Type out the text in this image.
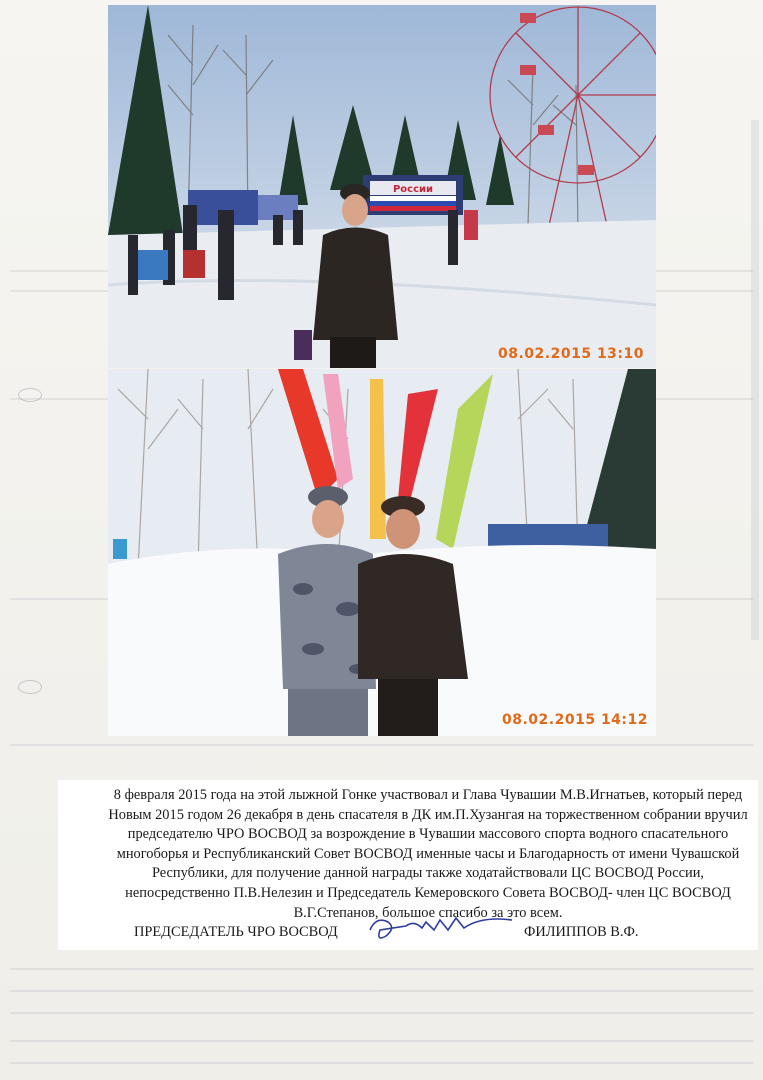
России
08.02.2015 13:10
08.02.2015 14:12
8 февраля 2015 года на этой лыжной Гонке участвовал и Глава Чувашии М.В.Игнатьев, который перед Новым 2015 годом 26 декабря в день спасателя в ДК им.П.Хузангая на торжественном собрании вручил председателю ЧРО ВОСВОД за возрождение в Чувашии массового спорта водного спасательного многоборья и Республиканский Совет ВОСВОД именные часы и Благодарность от имени Чувашской Республики, для получение данной награды также ходатайствовали ЦС ВОСВОД России, непосредственно П.В.Нелезин и Председатель Кемеровского Совета ВОСВОД- член ЦС ВОСВОД В.Г.Степанов, большое спасибо за это всем.
ПРЕДСЕДАТЕЛЬ ЧРО ВОСВОД	ФИЛИППОВ В.Ф.
